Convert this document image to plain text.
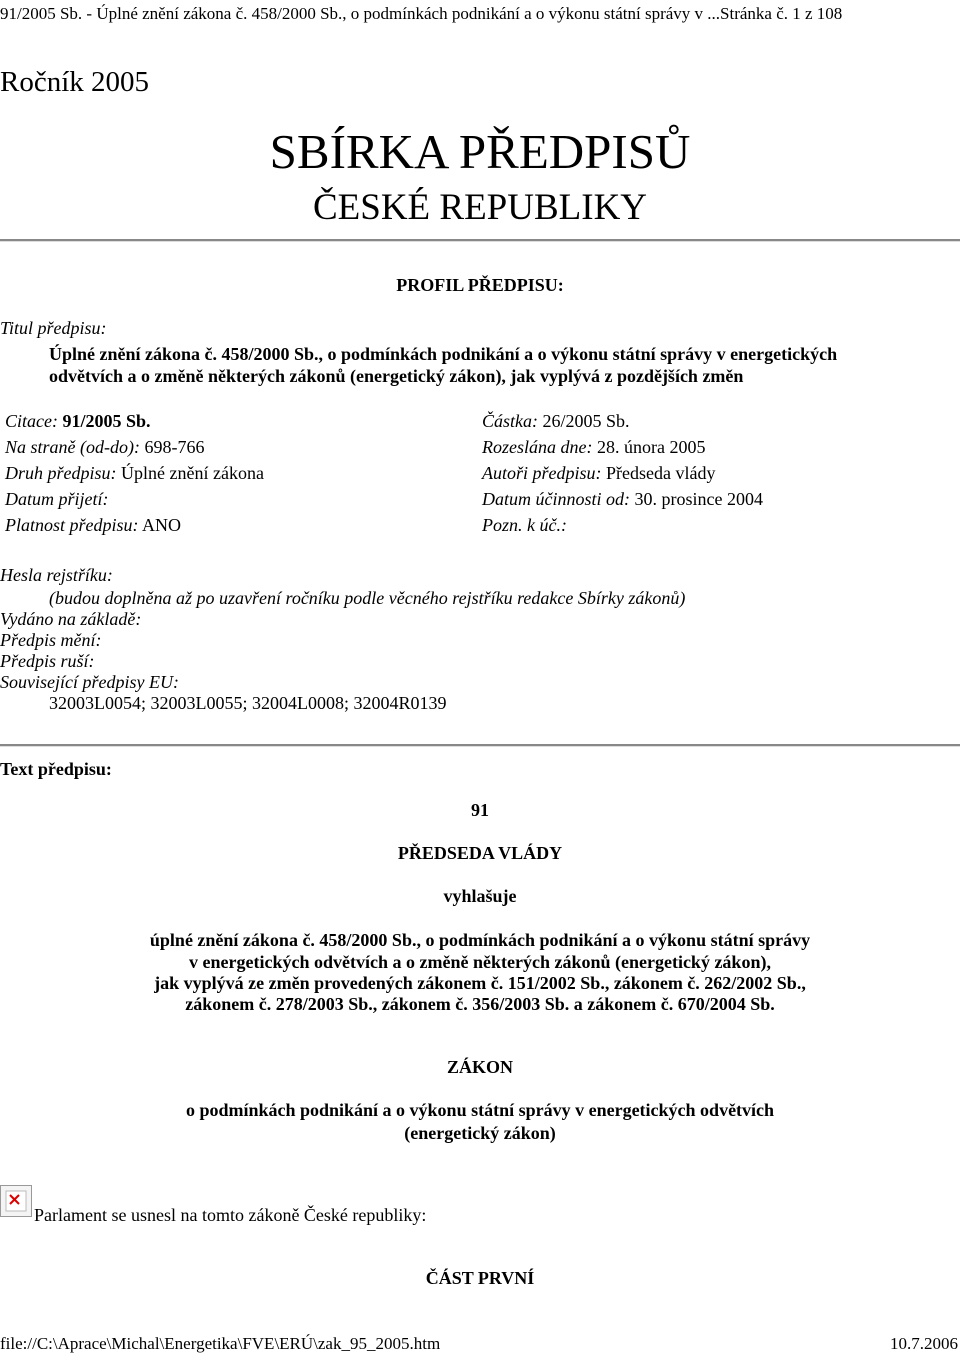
91/2005 Sb. - Úplné znění zákona č. 458/2000 Sb., o podmínkách podnikání a o výkonu státní správy v ...Stránka č. 1 z 108
Ročník 2005
SBÍRKA PŘEDPISŮ
ČESKÉ REPUBLIKY
PROFIL PŘEDPISU:
Titul předpisu:
Úplné znění zákona č. 458/2000 Sb., o podmínkách podnikání a o výkonu státní správy v energetických
odvětvích a o změně některých zákonů (energetický zákon), jak vyplývá z pozdějších změn
Citace: 91/2005 Sb.
Na straně (od-do): 698-766
Druh předpisu: Úplné znění zákona
Datum přijetí:
Platnost předpisu: ANO
Částka: 26/2005 Sb.
Rozeslána dne: 28. února 2005
Autoři předpisu: Předseda vlády
Datum účinnosti od: 30. prosince 2004
Pozn. k úč.:
Hesla rejstříku:
(budou doplněna až po uzavření ročníku podle věcného rejstříku redakce Sbírky zákonů)
Vydáno na základě:
Předpis mění:
Předpis ruší:
Související předpisy EU:
32003L0054; 32003L0055; 32004L0008; 32004R0139
Text předpisu:
91
PŘEDSEDA VLÁDY
vyhlašuje
úplné znění zákona č. 458/2000 Sb., o podmínkách podnikání a o výkonu státní správy
v energetických odvětvích a o změně některých zákonů (energetický zákon),
jak vyplývá ze změn provedených zákonem č. 151/2002 Sb., zákonem č. 262/2002 Sb.,
zákonem č. 278/2003 Sb., zákonem č. 356/2003 Sb. a zákonem č. 670/2004 Sb.
ZÁKON
o podmínkách podnikání a o výkonu státní správy v energetických odvětvích
(energetický zákon)
Parlament se usnesl na tomto zákoně České republiky:
ČÁST PRVNÍ
file://C:\Aprace\Michal\Energetika\FVE\ERÚ\zak_95_2005.htm	10.7.2006
